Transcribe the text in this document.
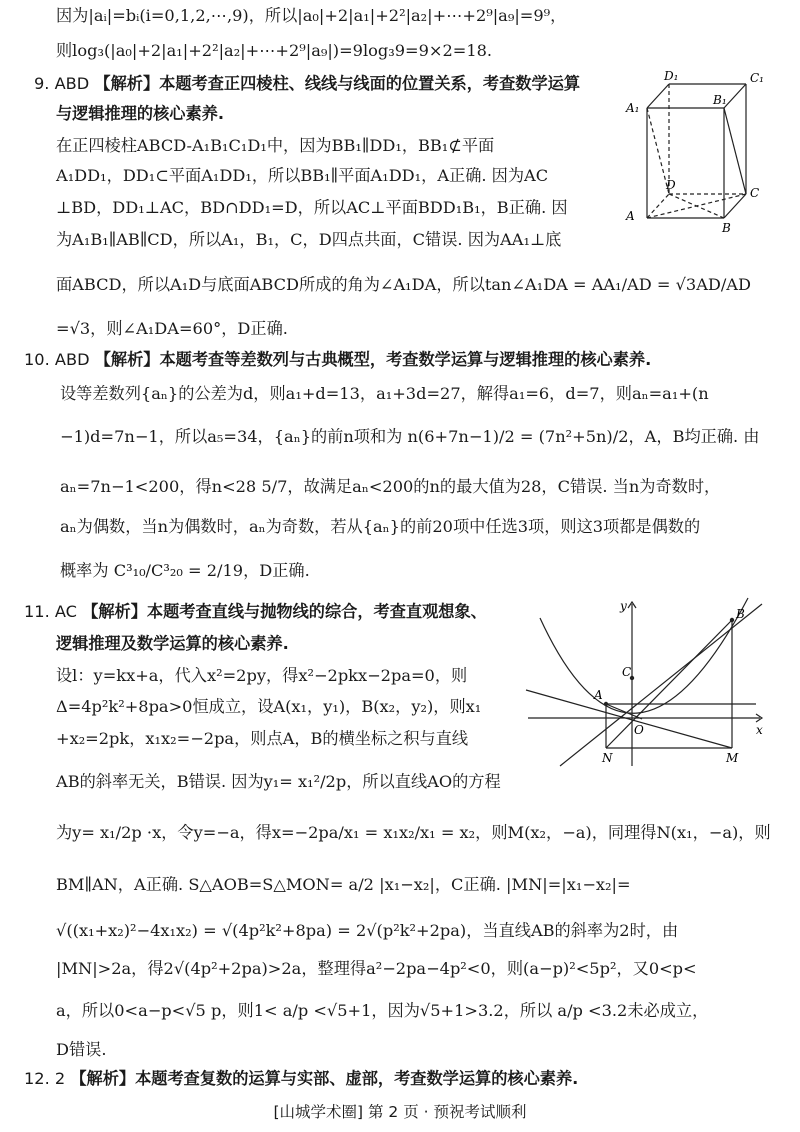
因为|aᵢ|=bᵢ(i=0,1,2,⋯,9)，所以|a₀|+2|a₁|+2²|a₂|+⋯+2⁹|a₉|=9⁹，
则log₃(|a₀|+2|a₁|+2²|a₂|+⋯+2⁹|a₉|)=9log₃9=9×2=18.
9. ABD 【解析】本题考查正四棱柱、线线与线面的位置关系，考查数学运算
与逻辑推理的核心素养.
在正四棱柱ABCD-A₁B₁C₁D₁中，因为BB₁∥DD₁，BB₁⊄平面
A₁DD₁，DD₁⊂平面A₁DD₁，所以BB₁∥平面A₁DD₁，A正确. 因为AC
⊥BD，DD₁⊥AC，BD∩DD₁=D，所以AC⊥平面BDD₁B₁，B正确. 因
为A₁B₁∥AB∥CD，所以A₁，B₁，C，D四点共面，C错误. 因为AA₁⊥底
面ABCD，所以A₁D与底面ABCD所成的角为∠A₁DA，所以tan∠A₁DA = AA₁/AD = √3AD/AD
=√3，则∠A₁DA=60°，D正确.
D₁	C₁
A₁
B₁
D
C
A
B
10. ABD 【解析】本题考查等差数列与古典概型，考查数学运算与逻辑推理的核心素养.
设等差数列{aₙ}的公差为d，则a₁+d=13，a₁+3d=27，解得a₁=6，d=7，则aₙ=a₁+(n
−1)d=7n−1，所以a₅=34，{aₙ}的前n项和为 n(6+7n−1)/2 = (7n²+5n)/2，A，B均正确. 由
aₙ=7n−1<200，得n<28 5/7，故满足aₙ<200的n的最大值为28，C错误. 当n为奇数时，
aₙ为偶数，当n为偶数时，aₙ为奇数，若从{aₙ}的前20项中任选3项，则这3项都是偶数的
概率为 C³₁₀/C³₂₀ = 2/19，D正确.
11. AC 【解析】本题考查直线与抛物线的综合，考查直观想象、
逻辑推理及数学运算的核心素养.
设l：y=kx+a，代入x²=2py，得x²−2pkx−2pa=0，则
Δ=4p²k²+8pa>0恒成立，设A(x₁，y₁)，B(x₂，y₂)，则x₁
+x₂=2pk，x₁x₂=−2pa，则点A，B的横坐标之积与直线
AB的斜率无关，B错误. 因为y₁= x₁²/2p，所以直线AO的方程
为y= x₁/2p ·x，令y=−a，得x=−2pa/x₁ = x₁x₂/x₁ = x₂，则M(x₂，−a)，同理得N(x₁，−a)，则
BM∥AN，A正确. S△AOB=S△MON= a/2 |x₁−x₂|，C正确. |MN|=|x₁−x₂|=
√((x₁+x₂)²−4x₁x₂) = √(4p²k²+8pa) = 2√(p²k²+2pa)，当直线AB的斜率为2时，由
|MN|>2a，得2√(4p²+2pa)>2a，整理得a²−2pa−4p²<0，则(a−p)²<5p²，又0<p<
a，所以0<a−p<√5 p，则1< a/p <√5+1，因为√5+1>3.2，所以 a/p <3.2未必成立，
D错误.
y
B
C
A
O	x
N	M
12. 2 【解析】本题考查复数的运算与实部、虚部，考查数学运算的核心素养.
[山城学术圈] 第 2 页 · 预祝考试顺利
